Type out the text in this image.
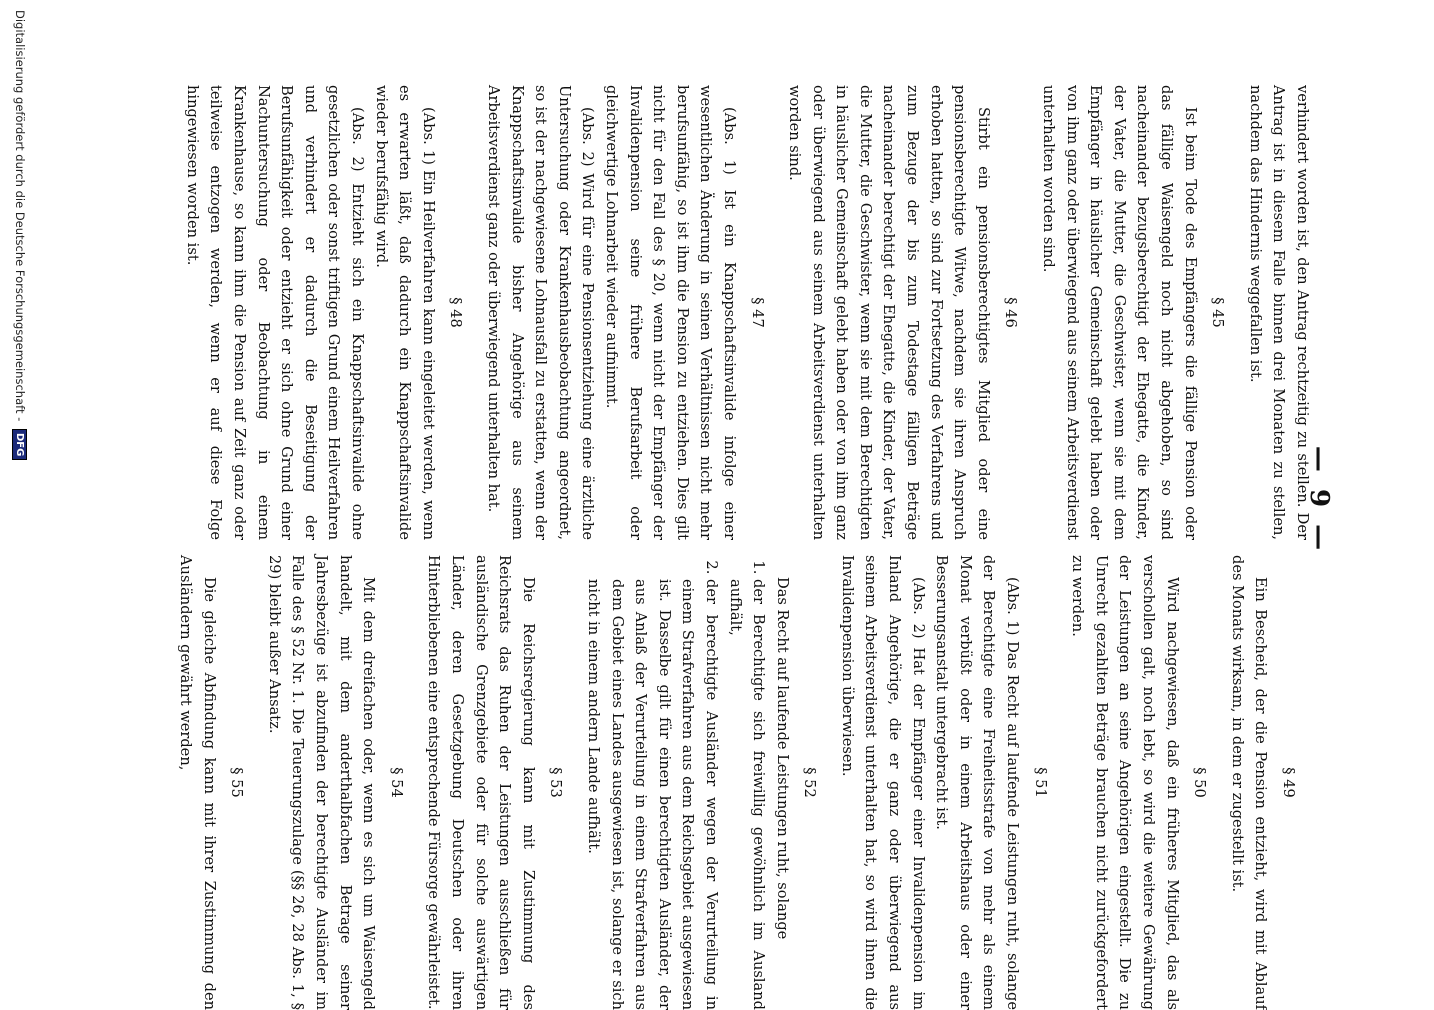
— 9 —

verhindert worden ist, den Antrag rechtzeitig zu stellen. Der Antrag ist in diesem Falle binnen drei Monaten zu stellen, nachdem das Hindernis weggefallen ist.

§ 45

Ist beim Tode des Empfängers die fällige Pension oder das fällige Waisengeld noch nicht abgehoben, so sind nacheinander bezugsberechtigt der Ehegatte, die Kinder, der Vater, die Mutter, die Geschwister, wenn sie mit dem Empfänger in häuslicher Gemeinschaft gelebt haben oder von ihm ganz oder überwiegend aus seinem Arbeitsverdienst unterhalten worden sind.

§ 46

Stirbt ein pensionsberechtigtes Mitglied oder eine pensionsberechtigte Witwe, nachdem sie ihren Anspruch erhoben hatten, so sind zur Fortsetzung des Verfahrens und zum Bezuge der bis zum Todestage fälligen Beträge nacheinander berechtigt der Ehegatte, die Kinder, der Vater, die Mutter, die Geschwister, wenn sie mit dem Berechtigten in häuslicher Gemeinschaft gelebt haben oder von ihm ganz oder überwiegend aus seinem Arbeitsverdienst unterhalten worden sind.

§ 47

(Abs. 1) Ist ein Knappschaftsinvalide infolge einer wesentlichen Änderung in seinen Verhältnissen nicht mehr berufsunfähig, so ist ihm die Pension zu entziehen. Dies gilt nicht für den Fall des § 20, wenn nicht der Empfänger der Invalidenpension seine frühere Berufsarbeit oder gleichwertige Lohnarbeit wieder aufnimmt.

(Abs. 2) Wird für eine Pensionsentziehung eine ärztliche Untersuchung oder Krankenhausbeobachtung angeordnet, so ist der nachgewiesene Lohnausfall zu erstatten, wenn der Knappschaftsinvalide bisher Angehörige aus seinem Arbeitsverdienst ganz oder überwiegend unterhalten hat.

§ 48

(Abs. 1) Ein Heilverfahren kann eingeleitet werden, wenn es erwarten läßt, daß dadurch ein Knappschaftsinvalide wieder berufsfähig wird.

(Abs. 2) Entzieht sich ein Knappschaftsinvalide ohne gesetzlichen oder sonst triftigen Grund einem Heilverfahren und verhindert er dadurch die Beseitigung der Berufsunfähigkeit oder entzieht er sich ohne Grund einer Nachuntersuchung oder Beobachtung in einem Krankenhause, so kann ihm die Pension auf Zeit ganz oder teilweise entzogen werden, wenn er auf diese Folge hingewiesen worden ist.

§ 49

Ein Bescheid, der die Pension entzieht, wird mit Ablauf des Monats wirksam, in dem er zugestellt ist.

§ 50

Wird nachgewiesen, daß ein früheres Mitglied, das als verschollen galt, noch lebt, so wird die weitere Gewährung der Leistungen an seine Angehörigen eingestellt. Die zu Unrecht gezahlten Beträge brauchen nicht zurückgefordert zu werden.

§ 51

(Abs. 1) Das Recht auf laufende Leistungen ruht, solange der Berechtigte eine Freiheitsstrafe von mehr als einem Monat verbüßt oder in einem Arbeitshaus oder einer Besserungsanstalt untergebracht ist.

(Abs. 2) Hat der Empfänger einer Invalidenpension im Inland Angehörige, die er ganz oder überwiegend aus seinem Arbeitsverdienst unterhalten hat, so wird ihnen die Invalidenpension überwiesen.

§ 52

Das Recht auf laufende Leistungen ruht, solange

1. der Berechtigte sich freiwillig gewöhnlich im Ausland aufhält,
2. der berechtigte Ausländer wegen der Verurteilung in einem Strafverfahren aus dem Reichsgebiet ausgewiesen ist. Dasselbe gilt für einen berechtigten Ausländer, der aus Anlaß der Verurteilung in einem Strafverfahren aus dem Gebiet eines Landes ausgewiesen ist, solange er sich nicht in einem andern Lande aufhält.
§ 53

Die Reichsregierung kann mit Zustimmung des Reichsrats das Ruhen der Leistungen ausschließen für ausländische Grenzgebiete oder für solche auswärtigen Länder, deren Gesetzgebung Deutschen oder ihren Hinterbliebenen eine entsprechende Fürsorge gewährleistet.

§ 54

Mit dem dreifachen oder, wenn es sich um Waisengeld handelt, mit dem anderthalbfachen Betrage seiner Jahresbezüge ist abzufinden der berechtigte Ausländer im Falle des § 52 Nr. 1. Die Teuerungszulage (§§ 26, 28 Abs. 1, § 29) bleibt außer Ansatz.

§ 55

Die gleiche Abfindung kann mit ihrer Zustimmung den Ausländern gewährt werden,

Digitalisierung gefördert durch die Deutsche Forschungsgemeinschaft - DFG
